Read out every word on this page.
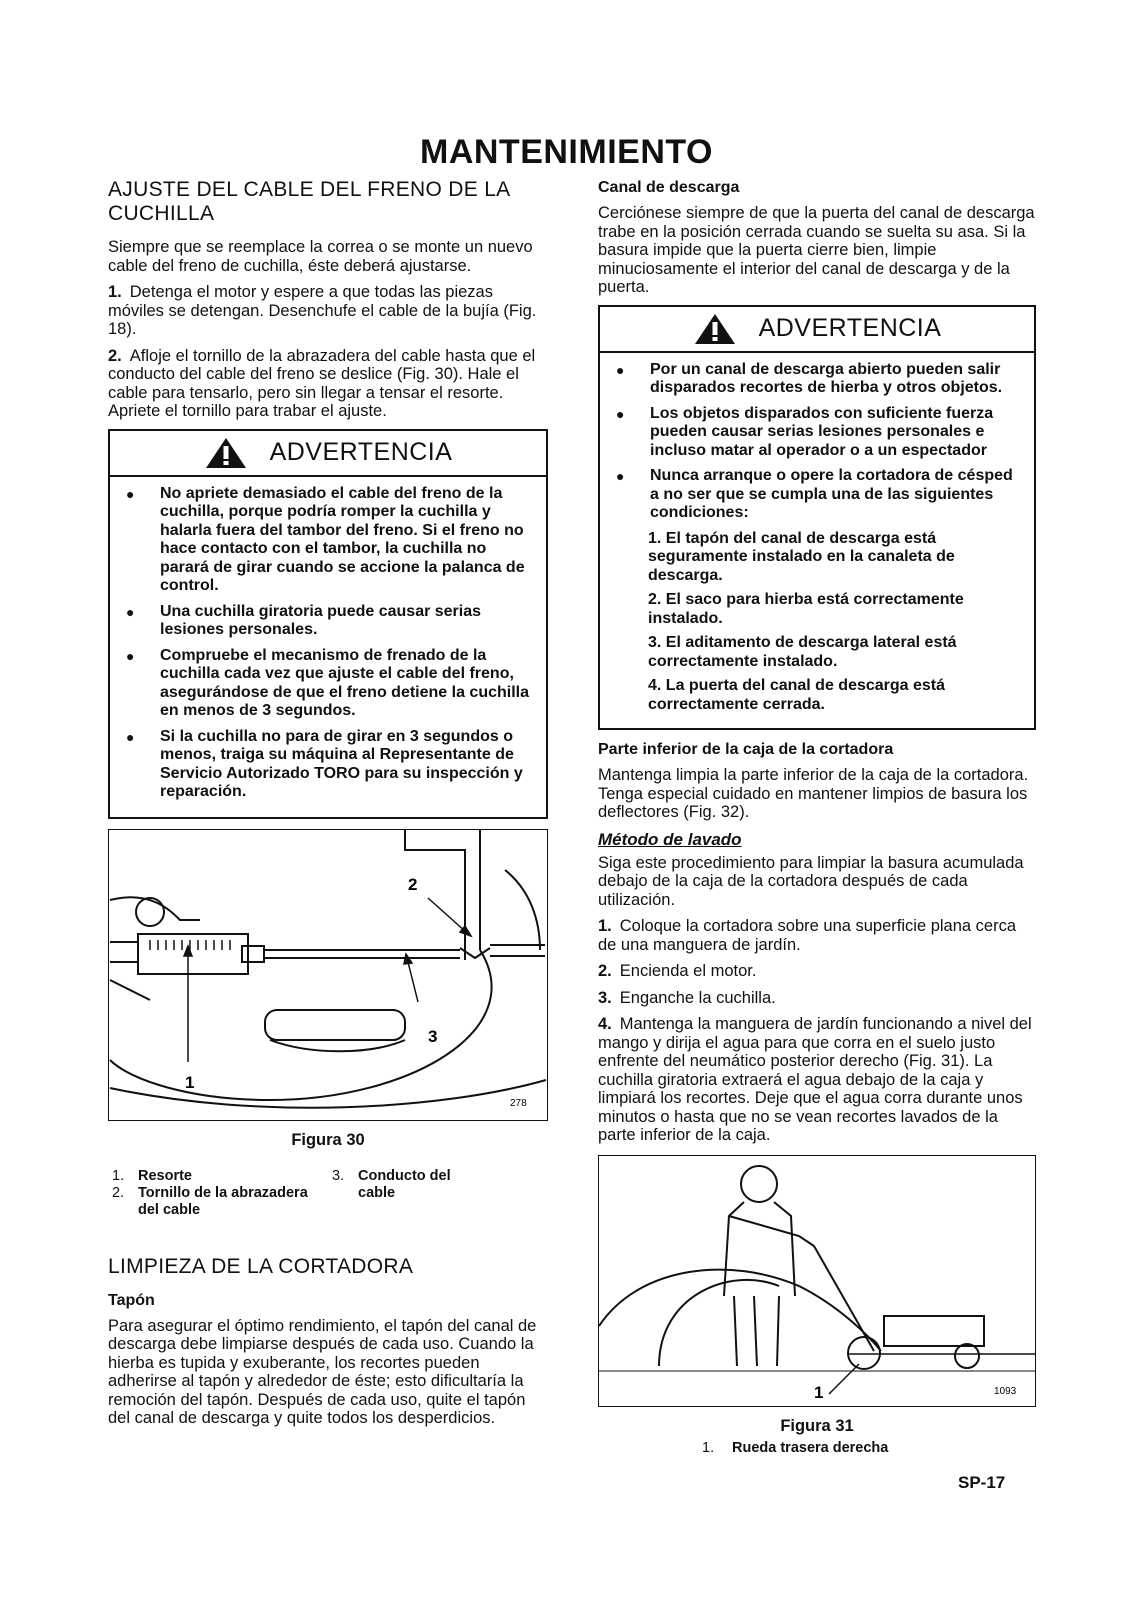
MANTENIMIENTO
AJUSTE DEL CABLE DEL FRENO DE LA CUCHILLA

Siempre que se reemplace la correa o se monte un nuevo cable del freno de cuchilla, éste deberá ajustarse.

1. Detenga el motor y espere a que todas las piezas móviles se detengan. Desenchufe el cable de la bujía (Fig. 18).
2. Afloje el tornillo de la abrazadera del cable hasta que el conducto del cable del freno se deslice (Fig. 30). Hale el cable para tensarlo, pero sin llegar a tensar el resorte. Apriete el tornillo para trabar el ajuste.
ADVERTENCIA
●	No apriete demasiado el cable del freno de la cuchilla, porque podría romper la cuchilla y halarla fuera del tambor del freno. Si el freno no hace contacto con el tambor, la cuchilla no parará de girar cuando se accione la palanca de control.
●	Una cuchilla giratoria puede causar serias lesiones personales.
●	Compruebe el mecanismo de frenado de la cuchilla cada vez que ajuste el cable del freno, asegurándose de que el freno detiene la cuchilla en menos de 3 segundos.
●	Si la cuchilla no para de girar en 3 segundos o menos, traiga su máquina al Representante de Servicio Autorizado TORO para su inspección y reparación.
1
2
3
278
Figura 30
1. Resorte	3. Conducto del cable
2. Tornillo de la abrazadera del cable
LIMPIEZA DE LA CORTADORA
Tapón

Para asegurar el óptimo rendimiento, el tapón del canal de descarga debe limpiarse después de cada uso. Cuando la hierba es tupida y exuberante, los recortes pueden adherirse al tapón y alrededor de éste; esto dificultaría la remoción del tapón. Después de cada uso, quite el tapón del canal de descarga y quite todos los desperdicios.

Canal de descarga

Cerciónese siempre de que la puerta del canal de descarga trabe en la posición cerrada cuando se suelta su asa. Si la basura impide que la puerta cierre bien, limpie minuciosamente el interior del canal de descarga y de la puerta.

ADVERTENCIA
●	Por un canal de descarga abierto pueden salir disparados recortes de hierba y otros objetos.
●	Los objetos disparados con suficiente fuerza pueden causar serias lesiones personales e incluso matar al operador o a un espectador
●	Nunca arranque o opere la cortadora de césped a no ser que se cumpla una de las siguientes condiciones:
1. El tapón del canal de descarga está seguramente instalado en la canaleta de descarga.
2. El saco para hierba está correctamente instalado.
3. El aditamento de descarga lateral está correctamente instalado.
4. La puerta del canal de descarga está correctamente cerrada.
Parte inferior de la caja de la cortadora

Mantenga limpia la parte inferior de la caja de la cortadora. Tenga especial cuidado en mantener limpios de basura los deflectores (Fig. 32).

Método de lavado

Siga este procedimiento para limpiar la basura acumulada debajo de la caja de la cortadora después de cada utilización.

1. Coloque la cortadora sobre una superficie plana cerca de una manguera de jardín.
2. Encienda el motor.
3. Enganche la cuchilla.
4. Mantenga la manguera de jardín funcionando a nivel del mango y dirija el agua para que corra en el suelo justo enfrente del neumático posterior derecho (Fig. 31). La cuchilla giratoria extraerá el agua debajo de la caja y limpiará los recortes. Deje que el agua corra durante unos minutos o hasta que no se vean recortes lavados de la parte inferior de la caja.
1	1093
Figura 31
1.	Rueda trasera derecha
SP-17
